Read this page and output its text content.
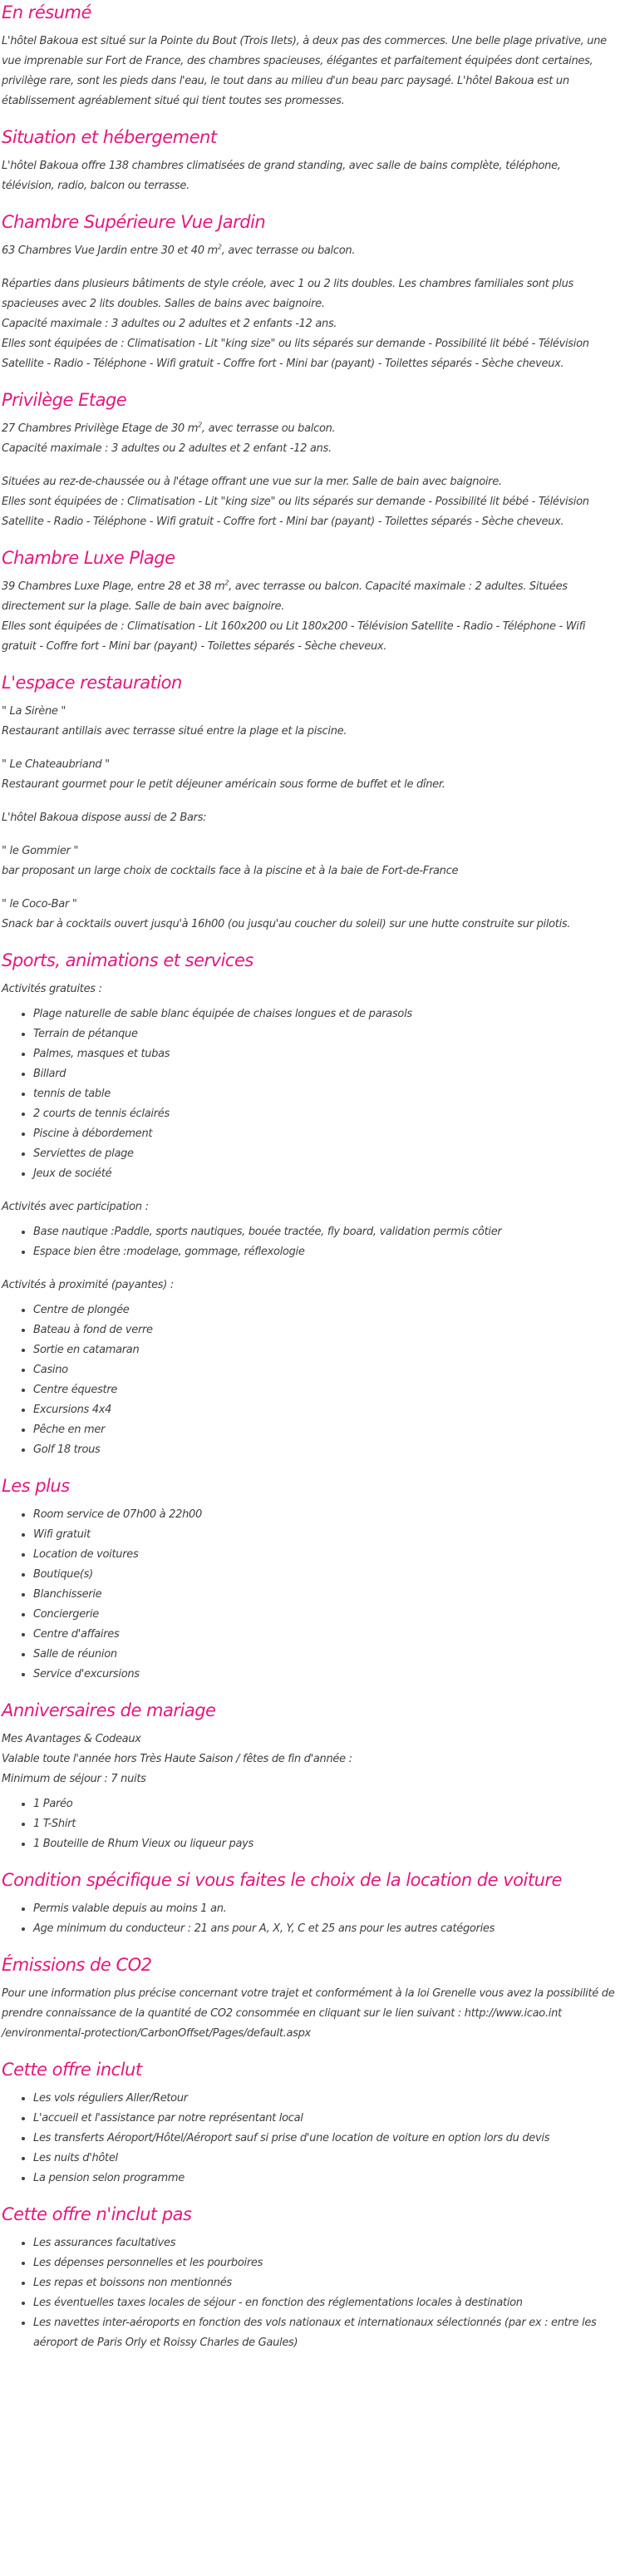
En résumé

L'hôtel Bakoua est situé sur la Pointe du Bout (Trois Ilets), à deux pas des commerces. Une belle plage privative, une vue imprenable sur Fort de France, des chambres spacieuses, élégantes et parfaitement équipées dont certaines, privilège rare, sont les pieds dans l'eau, le tout dans au milieu d'un beau parc paysagé. L'hôtel Bakoua est un établissement agréablement situé qui tient toutes ses promesses.

Situation et hébergement

L'hôtel Bakoua offre 138 chambres climatisées de grand standing, avec salle de bains complète, téléphone, télévision, radio, balcon ou terrasse.

Chambre Supérieure Vue Jardin

63 Chambres Vue Jardin entre 30 et 40 $m^2$, avec terrasse ou balcon.

Réparties dans plusieurs bâtiments de style créole, avec 1 ou 2 lits doubles. Les chambres familiales sont plus spacieuses avec 2 lits doubles. Salles de bains avec baignoire.
Capacité maximale : 3 adultes ou 2 adultes et 2 enfants -12 ans.
Elles sont équipées de : Climatisation - Lit "king size" ou lits séparés sur demande - Possibilité lit bébé - Télévision Satellite - Radio - Téléphone - Wifi gratuit - Coffre fort - Mini bar (payant) - Toilettes séparés - Sèche cheveux.

Privilège Etage

27 Chambres Privilège Etage de 30 $m^2$, avec terrasse ou balcon.
Capacité maximale : 3 adultes ou 2 adultes et 2 enfant -12 ans.

Situées au rez-de-chaussée ou à l'étage offrant une vue sur la mer. Salle de bain avec baignoire.
Elles sont équipées de : Climatisation - Lit "king size" ou lits séparés sur demande - Possibilité lit bébé - Télévision Satellite - Radio - Téléphone - Wifi gratuit - Coffre fort - Mini bar (payant) - Toilettes séparés - Sèche cheveux.

Chambre Luxe Plage

39 Chambres Luxe Plage, entre 28 et 38 $m^2$, avec terrasse ou balcon. Capacité maximale : 2 adultes. Situées directement sur la plage. Salle de bain avec baignoire.
Elles sont équipées de : Climatisation - Lit 160x200 ou Lit 180x200 - Télévision Satellite - Radio - Téléphone - Wifi gratuit - Coffre fort - Mini bar (payant) - Toilettes séparés - Sèche cheveux.

L'espace restauration

" La Sirène "
Restaurant antillais avec terrasse situé entre la plage et la piscine.

" Le Chateaubriand "
Restaurant gourmet pour le petit déjeuner américain sous forme de buffet et le dîner.

L'hôtel Bakoua dispose aussi de 2 Bars:

" le Gommier "
bar proposant un large choix de cocktails face à la piscine et à la baie de Fort-de-France

" le Coco-Bar "
Snack bar à cocktails ouvert jusqu'à 16h00 (ou jusqu'au coucher du soleil) sur une hutte construite sur pilotis.

Sports, animations et services

Activités gratuites :

• Plage naturelle de sable blanc équipée de chaises longues et de parasols
• Terrain de pétanque
• Palmes, masques et tubas
• Billard
• tennis de table
• 2 courts de tennis éclairés
• Piscine à débordement
• Serviettes de plage
• Jeux de société

Activités avec participation :

• Base nautique :Paddle, sports nautiques, bouée tractée, fly board, validation permis côtier
• Espace bien être :modelage, gommage, réflexologie

Activités à proximité (payantes) :

• Centre de plongée
• Bateau à fond de verre
• Sortie en catamaran
• Casino
• Centre équestre
• Excursions 4x4
• Pêche en mer
• Golf 18 trous
Les plus
• Room service de 07h00 à 22h00
• Wifi gratuit
• Location de voitures
• Boutique(s)
• Blanchisserie
• Conciergerie
• Centre d'affaires
• Salle de réunion
• Service d'excursions
Anniversaires de mariage

Mes Avantages & Codeaux
Valable toute l'année hors Très Haute Saison / fêtes de fin d'année :
Minimum de séjour : 7 nuits

• 1 Paréo
• 1 T-Shirt
• 1 Bouteille de Rhum Vieux ou liqueur pays
Condition spécifique si vous faites le choix de la location de voiture
• Permis valable depuis au moins 1 an.
• Age minimum du conducteur : 21 ans pour A, X, Y, C et 25 ans pour les autres catégories
Émissions de CO2

Pour une information plus précise concernant votre trajet et conformément à la loi Grenelle vous avez la possibilité de prendre connaissance de la quantité de CO2 consommée en cliquant sur le lien suivant : http://www.icao.int /environmental-protection/CarbonOffset/Pages/default.aspx

Cette offre inclut
• Les vols réguliers Aller/Retour
• L'accueil et l'assistance par notre représentant local
• Les transferts Aéroport/Hôtel/Aéroport sauf si prise d'une location de voiture en option lors du devis
• Les nuits d'hôtel
• La pension selon programme
Cette offre n'inclut pas
• Les assurances facultatives
• Les dépenses personnelles et les pourboires
• Les repas et boissons non mentionnés
• Les éventuelles taxes locales de séjour - en fonction des réglementations locales à destination
• Les navettes inter-aéroports en fonction des vols nationaux et internationaux sélectionnés (par ex : entre les aéroport de Paris Orly et Roissy Charles de Gaules)
